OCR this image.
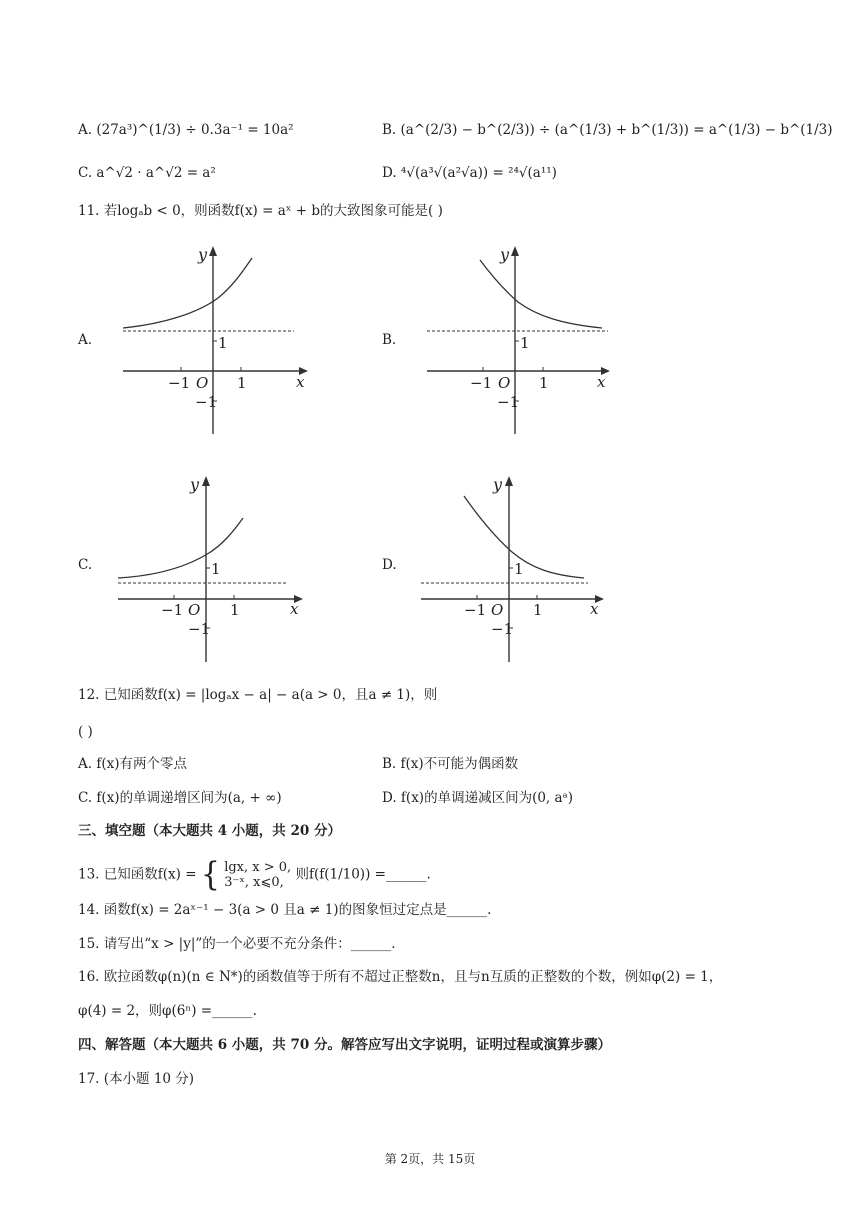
A. (27a³)^(1/3) ÷ 0.3a⁻¹ = 10a²	B. (a^(2/3) − b^(2/3)) ÷ (a^(1/3) + b^(1/3)) = a^(1/3) − b^(1/3)
C. a^√2 · a^√2 = a²	D. ⁴√(a³√(a²√a)) = ²⁴√(a¹¹)
11. 若logₐb < 0，则函数f(x) = aˣ + b的大致图象可能是( )
A.	B.
C.	D.
y
x
O
−1	1
1
−1
y
x
O
−1	1
1
−1
y
x
O
−1	1
1
−1
y
x
O
−1	1
1
−1
12. 已知函数f(x) = |logₐx − a| − a(a > 0，且a ≠ 1)，则
( )
A. f(x)有两个零点	B. f(x)不可能为偶函数
C. f(x)的单调递增区间为(a, + ∞)	D. f(x)的单调递减区间为(0, aᵃ)
三、填空题（本大题共 4 小题，共 20 分）
13. 已知函数f(x) = { lgx, x > 0,
3⁻ˣ, x⩽0, 则f(f(1/10)) =______.
14. 函数f(x) = 2aˣ⁻¹ − 3(a > 0 且a ≠ 1)的图象恒过定点是______.
15. 请写出“x > |y|”的一个必要不充分条件：______.
16. 欧拉函数φ(n)(n ∈ N*)的函数值等于所有不超过正整数n，且与n互质的正整数的个数，例如φ(2) = 1，
φ(4) = 2，则φ(6ⁿ) =______.
四、解答题（本大题共 6 小题，共 70 分。解答应写出文字说明，证明过程或演算步骤）
17. (本小题 10 分)
第 2页，共 15页
